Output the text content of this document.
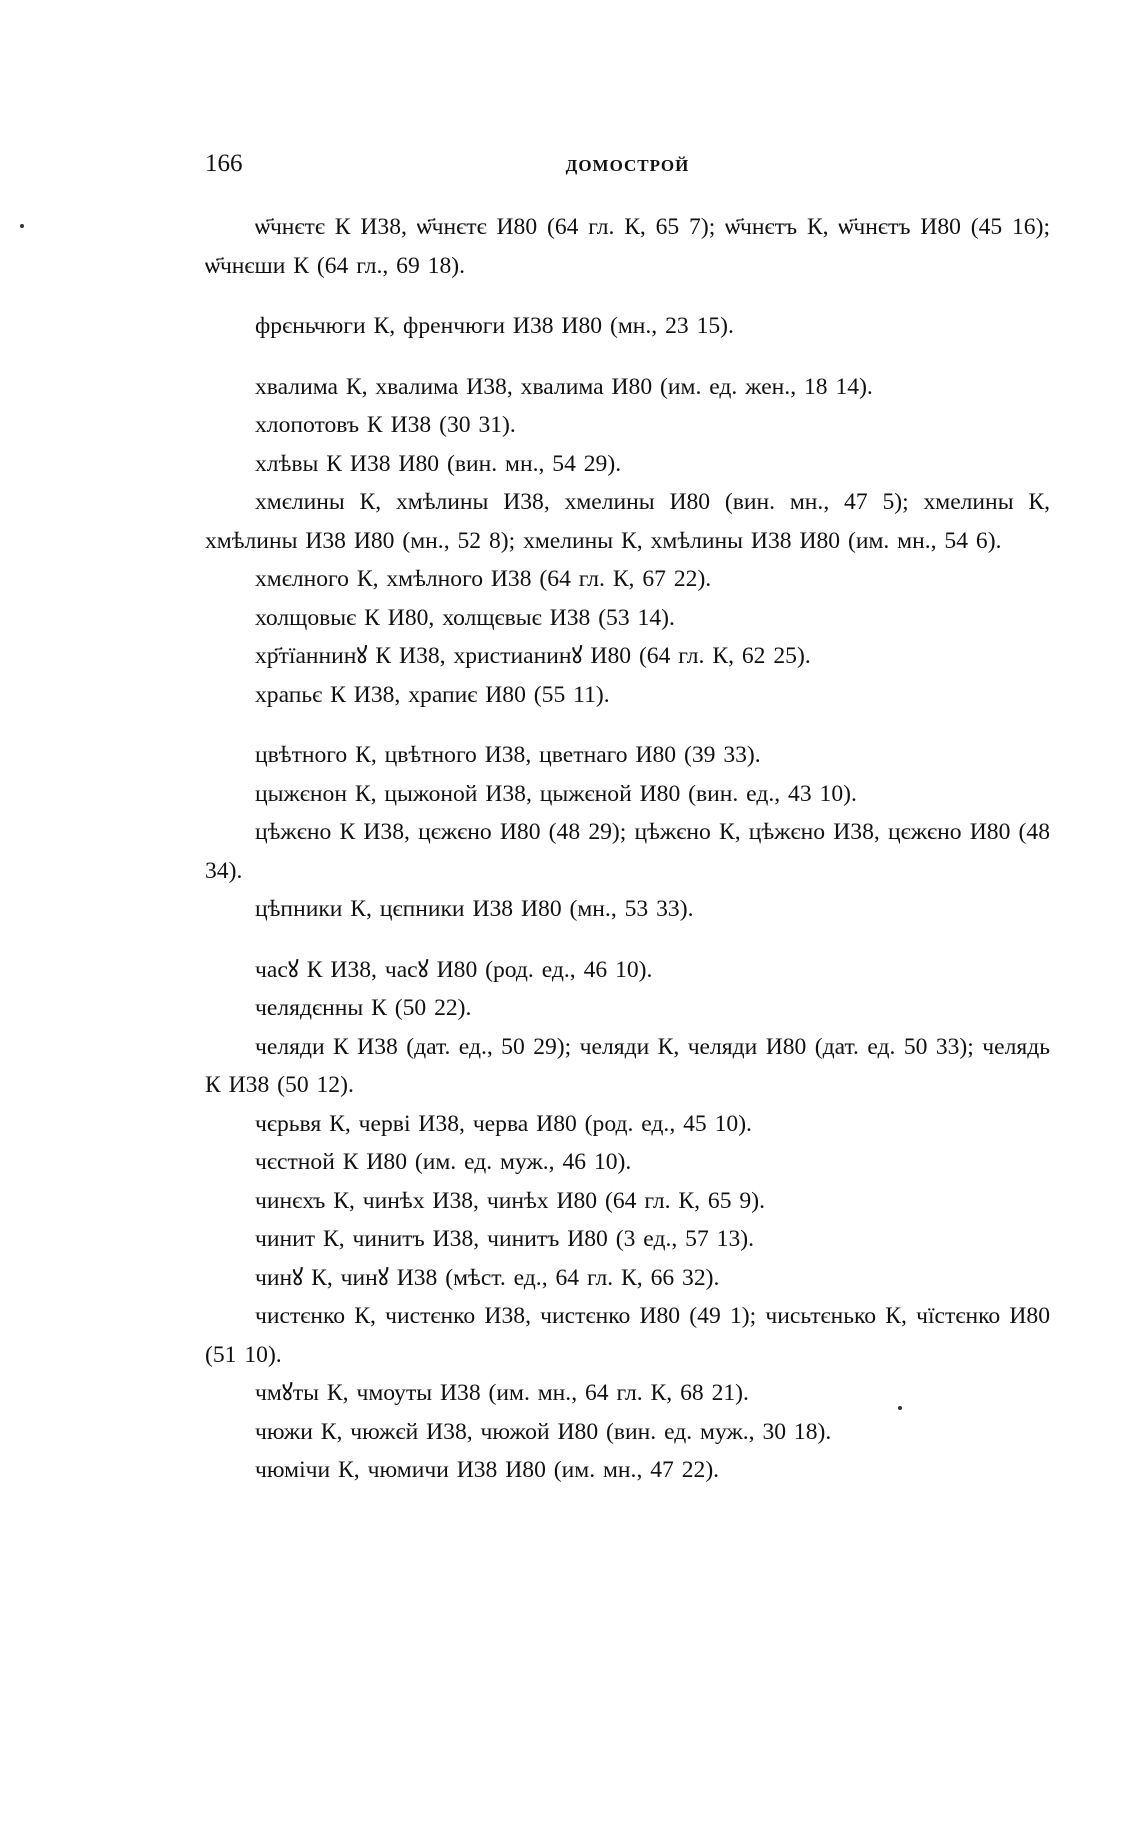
166	ДОМОСТРОЙ

ѡ҃чнєтє К И38, ѡ҃чнєтє И80 (64 гл. К, 65 7); ѡ҃чнєтъ К, ѡ҃чнєтъ И80 (45 16); ѡ҃чнєши К (64 гл., 69 18).

фрєньчюги К, френчюги И38 И80 (мн., 23 15).

хвалима К, хвалима И38, хвалима И80 (им. ед. жен., 18 14).

хлопотовъ К И38 (30 31).

хлѣвы К И38 И80 (вин. мн., 54 29).

хмєлины К, хмѣлины И38, хмелины И80 (вин. мн., 47 5); хмелины К, хмѣлины И38 И80 (мн., 52 8); хмелины К, хмѣлины И38 И80 (им. мн., 54 6).

хмєлного К, хмѣлного И38 (64 гл. К, 67 22).

холщовыє К И80, холщєвыє И38 (53 14).

хр҃тїаннинꙋ К И38, христианинꙋ И80 (64 гл. К, 62 25).

храпьє К И38, храпиє И80 (55 11).

цвѣтного К, цвѣтного И38, цветнаго И80 (39 33).

цыжєнон К, цыжоной И38, цыжєной И80 (вин. ед., 43 10).

цѣжєно К И38, цєжєно И80 (48 29); цѣжєно К, цѣжєно И38, цєжєно И80 (48 34).

цѣпники К, цєпники И38 И80 (мн., 53 33).

часꙋ К И38, часꙋ И80 (род. ед., 46 10).

челядєнны К (50 22).

челяди К И38 (дат. ед., 50 29); челяди К, челяди И80 (дат. ед. 50 33); челядь К И38 (50 12).

чєрьвя К, черві И38, черва И80 (род. ед., 45 10).

чєстной К И80 (им. ед. муж., 46 10).

чинєхъ К, чинѣх И38, чинѣх И80 (64 гл. К, 65 9).

чинит К, чинитъ И38, чинитъ И80 (3 ед., 57 13).

чинꙋ К, чинꙋ И38 (мѣст. ед., 64 гл. К, 66 32).

чистєнко К, чистєнко И38, чистєнко И80 (49 1); чисьтєнько К, чїстєнко И80 (51 10).

чмꙋты К, чмоуты И38 (им. мн., 64 гл. К, 68 21).

чюжи К, чюжєй И38, чюжой И80 (вин. ед. муж., 30 18).

чюмічи К, чюмичи И38 И80 (им. мн., 47 22).
